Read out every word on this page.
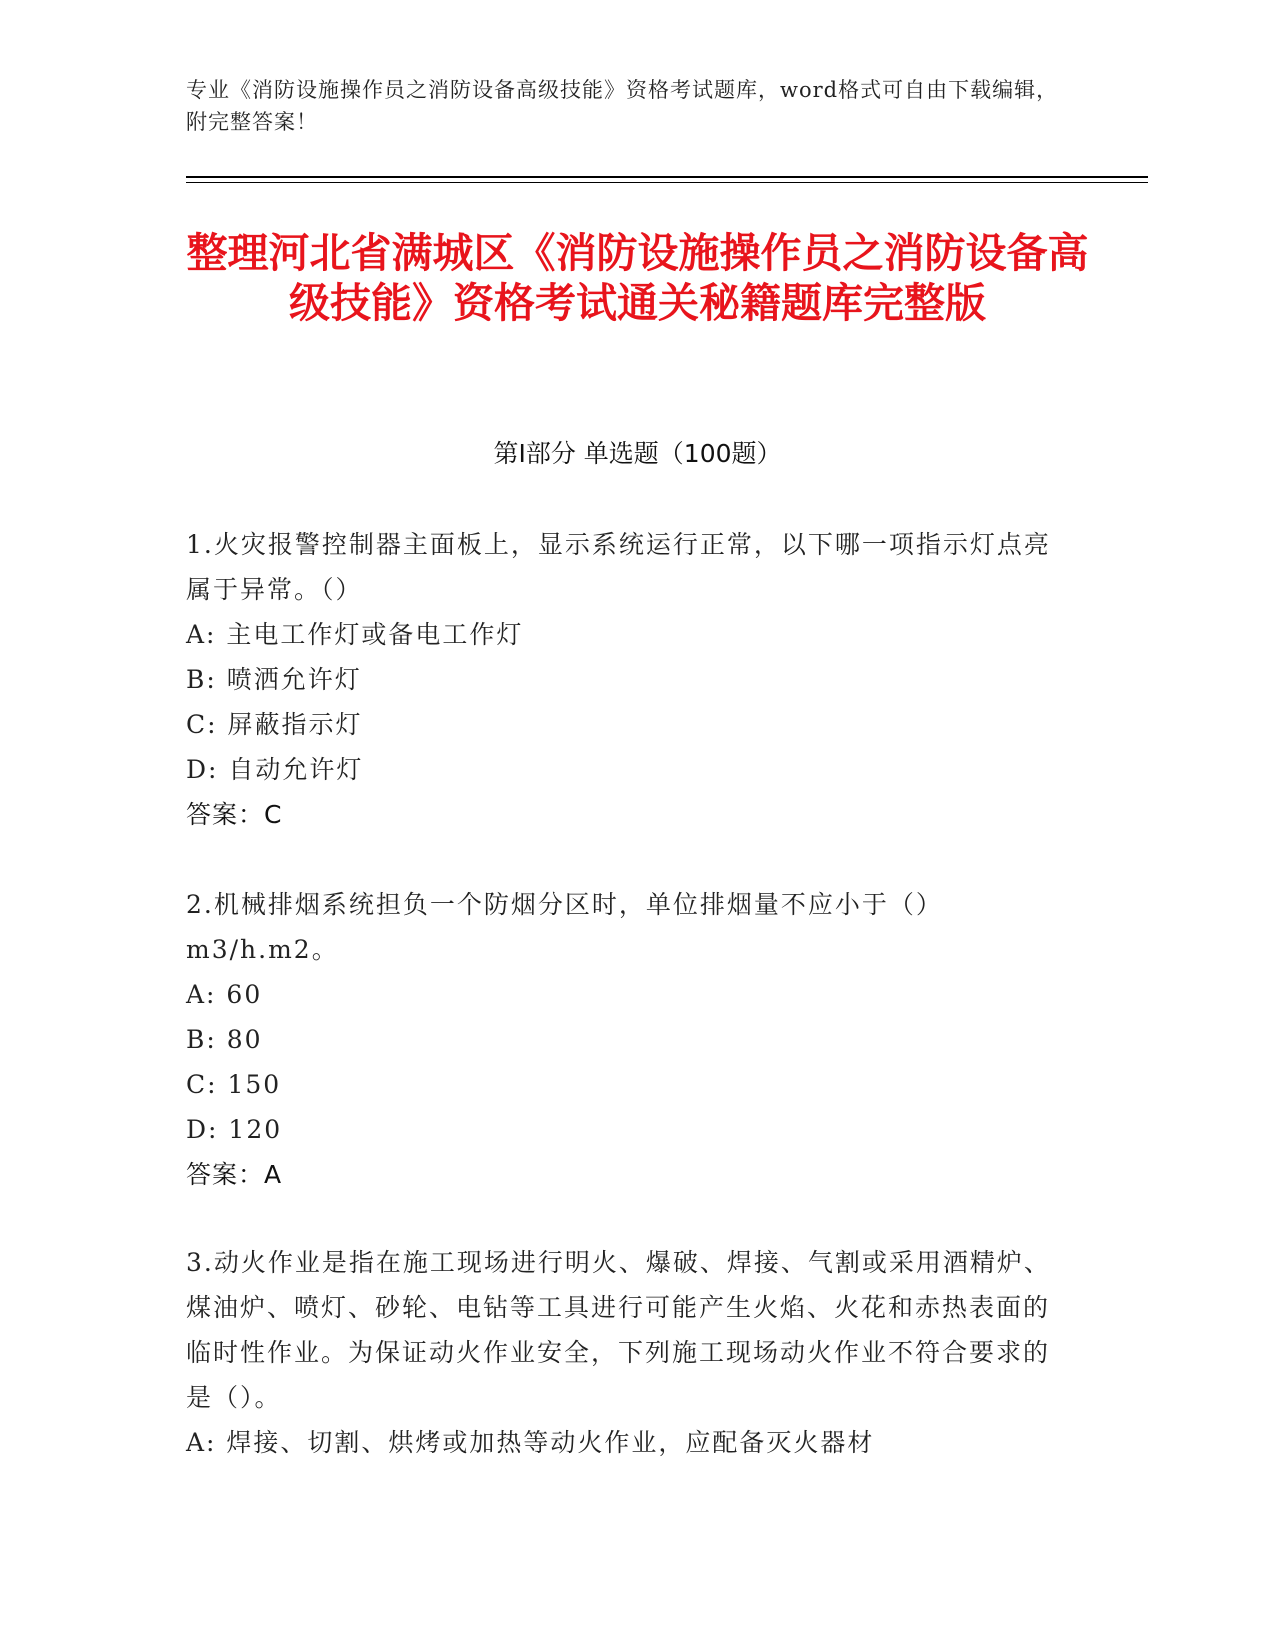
专业《消防设施操作员之消防设备高级技能》资格考试题库，word格式可自由下载编辑，附完整答案！
整理河北省满城区《消防设施操作员之消防设备高级技能》资格考试通关秘籍题库完整版
第Ⅰ部分 单选题（100题）
1.火灾报警控制器主面板上，显示系统运行正常，以下哪一项指示灯点亮属于异常。（）
A: 主电工作灯或备电工作灯
B: 喷洒允许灯
C: 屏蔽指示灯
D: 自动允许灯
答案：C
2.机械排烟系统担负一个防烟分区时，单位排烟量不应小于（）m3/h.m2。
A: 60
B: 80
C: 150
D: 120
答案：A
3.动火作业是指在施工现场进行明火、爆破、焊接、气割或采用酒精炉、煤油炉、喷灯、砂轮、电钻等工具进行可能产生火焰、火花和赤热表面的临时性作业。为保证动火作业安全，下列施工现场动火作业不符合要求的是（）。
A: 焊接、切割、烘烤或加热等动火作业，应配备灭火器材
